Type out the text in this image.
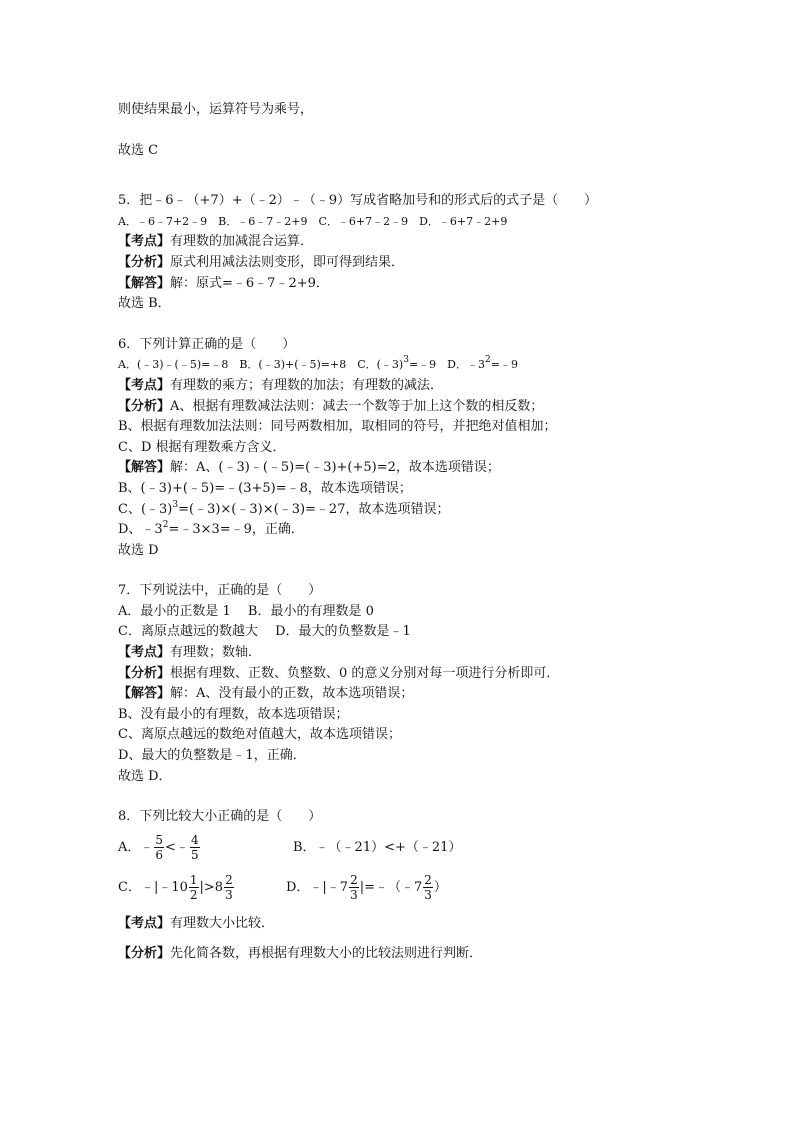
则使结果最小，运算符号为乘号，
故选 C
5．把﹣6﹣（+7）+（﹣2）﹣（﹣9）写成省略加号和的形式后的式子是（　　）
A．﹣6﹣7+2﹣9　B．﹣6﹣7﹣2+9　C．﹣6+7﹣2﹣9　D．﹣6+7﹣2+9
【考点】有理数的加减混合运算．
【分析】原式利用减法法则变形，即可得到结果．
【解答】解：原式=﹣6﹣7﹣2+9．
故选 B．
6．下列计算正确的是（　　）
A．(﹣3)﹣(﹣5)=﹣8　B．(﹣3)+(﹣5)=+8　C．(﹣3)$^3$=﹣9　D．$﹣3^2=﹣9$
【考点】有理数的乘方；有理数的加法；有理数的减法．
【分析】A、根据有理数减法法则：减去一个数等于加上这个数的相反数；
B、根据有理数加法法则：同号两数相加，取相同的符号，并把绝对值相加；
C、D 根据有理数乘方含义．
【解答】解：A、(﹣3)﹣(﹣5)=(﹣3)+(+5)=2，故本选项错误；
B、(﹣3)+(﹣5)=﹣(3+5)=﹣8，故本选项错误；
C、(﹣3)$^3$=(﹣3)×(﹣3)×(﹣3)=﹣27，故本选项错误；
D、$﹣3^2=﹣3\times 3=﹣9$，正确．
故选 D
7．下列说法中，正确的是（　　）
A．最小的正数是 1　 B．最小的有理数是 0
C．离原点越远的数越大　 D．最大的负整数是﹣1
【考点】有理数；数轴．
【分析】根据有理数、正数、负整数、0 的意义分别对每一项进行分析即可．
【解答】解：A、没有最小的正数，故本选项错误；
B、没有最小的有理数，故本选项错误；
C、离原点越远的数绝对值越大，故本选项错误；
D、最大的负整数是﹣1，正确．
故选 D．
8．下列比较大小正确的是（　　）
A．﹣ $\frac{5}{6}$ <﹣ $\frac{4}{5}$	B．﹣（﹣21）<+（﹣21）
C．﹣|﹣10 $\frac{1}{2} |>8 \frac{2}{3}$	D．﹣|﹣7 $\frac{2}{3}$ |=﹣（﹣7 $\frac{2}{3}$ ）
【考点】有理数大小比较．
【分析】先化简各数，再根据有理数大小的比较法则进行判断．
